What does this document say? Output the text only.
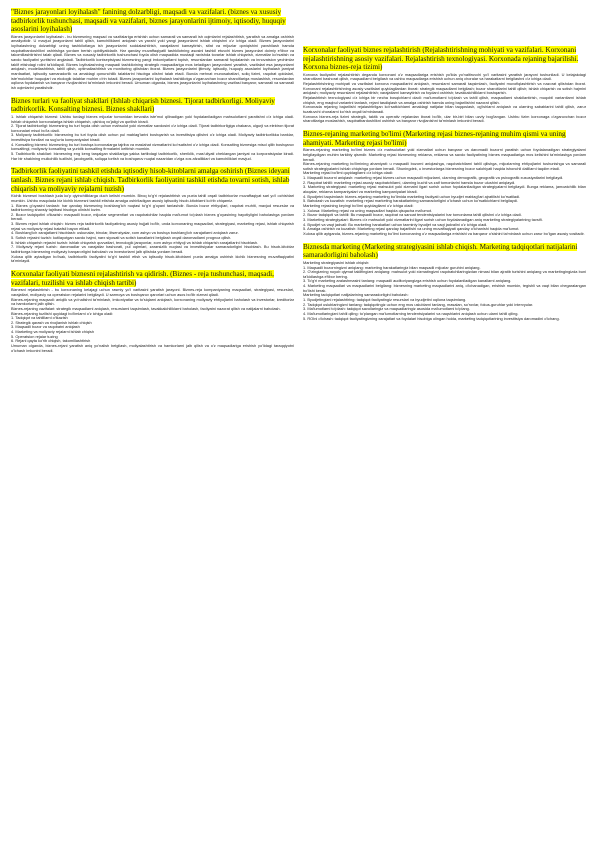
"Biznes jarayonlari loyihalash" fanining dolzarbligi, maqsadi va vazifalari. (biznes va xususiy tadbirkorlik tushunchasi, maqsadi va vazifalari, biznes jarayonlarini ijtimoiy, iqtisodiy, huquqiy asoslarini loyihalash)

Biznes jarayonlarini loyihalash - bu biznesning maqsad va vazifalariga erishish uchun samarali va samarali ish oqimlarini rejalashtirish, yaratish va amalga oshirish amaliyotidir. U mavjud jarayonlarni tahlil qilish, kamchiliklarni aniqlash va yaxshi yoki yangi jarayonlarni ishlab chiqishni o'z ichiga oladi. Biznes jarayonlarini loyihalashning dolzarbligi uning tashkilotlarga ish jarayonlarini soddalashtirish, xarajatlarni kamaytirish, sifat va mijozlar qoniqishini yaxshilash hamda raqobatbardoshlikni oshirishga yordam berish qobiliyatidadir. Har qanday muvaffaqiyatli tashkilotning asosini tashkil etuvchi biznes jarayonlari doimiy e'tibor va takomillashtirishni talab qiladi. Biznes va xususiy tadbirkorlik tushunchasi foyda olish maqsadida mustaqil ravishda tovarlar ishlab chiqarish, xizmatlar ko'rsatish va savdo faoliyatini yuritishni anglatadi. Tadbirkorlik kontseptsiyasi biznesning yangi imkoniyatlarni topish, resurslardan samarali foydalanish va innovatsion yechimlar taklif etishdagi rolini ta'kidlaydi. Biznes loyihalashning maqsadi tashkilotning strategik maqsadlariga mos keladigan jarayonlarni yaratish, vazifalari esa jarayonlarni aniqlash, modellashtirish, tahlil qilish, optimallashtirish va monitoring qilishdan iborat. Biznes jarayonlarini ijtimoiy, iqtisodiy, huquqiy asoslarini loyihalash jamiyat manfaatlari, iqtisodiy samaradorlik va amaldagi qonunchilik talablarini hisobga olishni talab etadi. Bunda mehnat munosabatlari, soliq tizimi, raqobat qoidalari, iste'molchilar huquqlari va ekologik talablar muhim o'rin tutadi. Biznes jarayonlarini loyihalash tashkilotga o'zgaruvchan bozor sharoitlariga moslashish, resurslardan oqilona foydalanish va barqaror rivojlanishni ta'minlash imkonini beradi. Umuman olganda, biznes jarayonlarini loyihalashning vazifasi barqaror, samarali va samarali ish oqimlarini yaratishdir.

Biznes turlari va faoliyat shakllari (Ishlab chiqarish biznesi. Tijorat tadbirkorligi. Moliyaviy tadbirkorlik. Konsalting biznesi. Biznes shakllari)

1. Ishlab chiqarish biznesi: Ushbu turdagi biznes mijozlar tomonidan bevosita iste'mol qilinadigan yoki foydalaniladigan mahsulotlarni yaratishni o'z ichiga oladi. Ishlab chiqarish korxonalariga ishlab chiqarish, qishloq xo'jaligi va qurilish kiradi.
2. Tijorat tadbirkorligi: biznesning bu turi foyda olish uchun mahsulot yoki xizmatlar savdosini o'z ichiga oladi. Tijorat tadbirkorligiga chakana, ulgurji va elektron tijorat korxonalari misol bo'la oladi.
3. Moliyaviy tadbirkorlik: biznesning bu turi foyda olish uchun pul mablag'larini boshqarish va investitsiya qilishni o'z ichiga oladi. Moliyaviy tadbirkorlikka banklar, investitsiya fondlari va sug'urta kompaniyalari kiradi.
4. Konsalting biznesi: biznesning bu turi boshqa korxonalarga tajriba va maslahat xizmatlarini ko'rsatishni o'z ichiga oladi. Konsalting biznesiga misol qilib boshqaruv konsaltingi, moliyaviy konsalting va yuridik konsalting firmalarini keltirish mumkin.
5. Tadbirkorlik shakllari: biznesning eng keng tarqalgan shakllariga yakka tartibdagi tadbirkorlik, sheriklik, mas'uliyati cheklangan jamiyat va korporatsiyalar kiradi. Har bir shaklning mulkchilik tuzilishi, javobgarlik, soliqqa tortish va boshqaruv nuqtai nazaridan o'ziga xos afzalliklari va kamchiliklari mavjud.

Tadbirkorlik faoliyatini tashkil etishda iqtisodiy hisob-kitoblarni amalga oshirish (Biznes ideyani tanlash. Biznes rejani ishlab chiqish. Tadbirkorlik faoliyatini tashkil etishda tovarni sotish, ishlab chiqarish va moliyaviy rejalarni tuzish)

Kichik biznesni boshlash juda ko'p qiyinchiliklarga duch kelishi mumkin. Biroq to'g'ri rejalashtirish va puxta tahlil orqali tadbirkorlar muvaffaqiyat sari yo'l ochishlari mumkin. Ushbu maqolada biz kichik biznesni tashkil etishda amalga oshiriladigan asosiy iqtisodiy hisob-kitoblarni ko'rib chiqamiz.
1. Biznes g'oyasini tanlash: har qanday biznesning boshlang'ich nuqtasi to'g'ri g'oyani tanlashdir. Bunda bozor ehtiyojlari, raqobat muhiti, mavjud resurslar va tadbirkorning shaxsiy tajribasi hisobga olinishi lozim.
2. Bozor tadqiqotini o'tkazish: maqsadli bozor, mijozlar segmentlari va raqobatchilar haqida ma'lumot to'plash biznes g'oyasining hayotiyligini baholashga yordam beradi.
3. Biznes rejani ishlab chiqish: biznes reja tadbirkorlik faoliyatining asosiy hujjati bo'lib, unda korxonaning maqsadlari, strategiyasi, marketing rejasi, ishlab chiqarish rejasi va moliyaviy rejasi batafsil bayon etiladi.
4. Boshlang'ich xarajatlarni hisoblash: uskunalar, binolar, litsenziyalar, xom ashyo va boshqa boshlang'ich xarajatlarni aniqlash zarur.
5. Sotish rejasini tuzish: kutilayotgan savdo hajmi, narx siyosati va sotish kanallarini belgilash orqali daromadlarni prognoz qilish.
6. Ishlab chiqarish rejasini tuzish: ishlab chiqarish quvvatlari, texnologik jarayonlar, xom ashyo ehtiyoji va ishlab chiqarish xarajatlarini hisoblash.
7. Moliyaviy rejani tuzish: daromadlar va xarajatlar bashorati, pul oqimlari, zararsizlik nuqtasi va investitsiyalar samaradorligini hisoblash. Bu hisob-kitoblar tadbirkorga biznesning moliyaviy barqarorligini baholash va investorlarni jalb qilishda yordam beradi.
Xulosa qilib aytadigan bo'lsak, tadbirkorlik faoliyatini to'g'ri tashkil etish va iqtisodiy hisob-kitoblarni puxta amalga oshirish kichik biznesning muvaffaqiyatini ta'minlaydi.

Korxonalar faoliyati biznesni rejalashtirish va qidirish. (Biznes - reja tushunchasi, maqsadi, vazifalari, tuzilishi va ishlab chiqish tartibi)

Biznesni rejalashtirish - bu korxonaning kelajagi uchun rasmiy yo'l xaritasini yaratish jarayoni. Biznes-reja kompaniyaning maqsadlari, strategiyasi, resurslari, xarajatlari, moliyaviy va operatsion rejalarini belgilaydi. U sarmoya va boshqaruv qarorlari uchun asos bo'lib xizmat qiladi.
Biznes-rejaning maqsadi: aniqlik va yo'nalishni ta'minlash, imkoniyatlar va to'siqlarni aniqlash, korxonaning moliyaviy ehtiyojlarini baholash va investorlar, kreditorlar va hamkorlarni jalb qilish.
Biznes-rejaning vazifalari: strategik maqsadlarni aniqlash, resurslarni taqsimlash, tavakkalchiliklarni baholash, faoliyatni nazorat qilish va natijalarni baholash.
Biznes-rejaning tuzilishi quyidagi bo'limlarni o'z ichiga oladi:
1. Tadqiqot va tahlillarni o'tkazish
2. Strategik qarash va rivojlanish ishlab chiqish
3. Maqsadli bozor va raqobatni aniqlash
4. Marketing va moliyaviy rejalarni ishlab chiqish
5. Operatsion rejalar tuzing
6. Rejani qayta ko'rib chiqish, takomillashtirish
Umuman olganda, biznes-rejani yaratish aniq yo'nalish belgilash, moliyalashtirish va hamkorlarni jalb qilish va o'z maqsadlariga erishish yo'lidagi taraqqiyotni o'lchash imkonini beradi.

Korxonalar faoliyati biznes rejalashtirish (Rejalashtirishning mohiyati va vazifalari. Korxonani rejalashtirishning asosiy vazifalari. Rejalashtirish texnologiyasi. Korxonada rejaning bajarilishi. Korxona biznes-reja tizimi)

Korxona faoliyatini rejalashtirish deganda korxonani o'z maqsadlariga erishish yo'lida yo'naltiruvchi yo'l xaritasini yaratish jarayoni tushuniladi. U kelajakdagi sharoitlarni bashorat qilish, maqsadlarni belgilash va ushbu maqsadlarga erishish uchun aniq choralar va harakatlarni belgilashni o'z ichiga oladi.
Rejalashtirishning mohiyati va vazifalari korxona maqsadlarini aniqlash, resurslarni samarali taqsimlash, faoliyatni muvofiqlashtirish va nazorat qilishdan iborat. Korxonani rejalashtirishning asosiy vazifalari quyidagilardan iborat: strategik maqsadlarni belgilash; bozor sharoitlarini tahlil qilish; ishlab chiqarish va sotish hajmini aniqlash; moliyaviy resurslarni rejalashtirish; xarajatlarni kamaytirish va foydani oshirish; tavakkalchiliklarni boshqarish.
Rejalashtirish texnologiyasi o'z ichiga bir necha bosqichlarni oladi: ma'lumotlarni to'plash va tahlil qilish, maqsadlarni shakllantirish, muqobil variantlarni ishlab chiqish, eng maqbul variantni tanlash, rejani tasdiqlash va amalga oshirish hamda uning bajarilishini nazorat qilish.
Korxonada rejaning bajarilishi rejalashtirilgan ko'rsatkichlarni amaldagi natijalar bilan taqqoslash, og'ishlarni aniqlash va ularning sabablarini tahlil qilish, zarur tuzatuvchi choralarni ko'rish orqali ta'minlanadi.
Korxona biznes-reja tizimi strategik, taktik va operativ rejalardan iborat bo'lib, ular bir-biri bilan uzviy bog'langan. Ushbu tizim korxonaga o'zgaruvchan bozor sharoitlariga moslashish, raqobatbardoshlikni oshirish va barqaror rivojlanishni ta'minlash imkonini beradi.

Biznes-rejaning marketing bo'limi (Marketing rejasi biznes-rejaning muhim qismi va uning ahamiyati. Marketing rejasi bo'limi)

Biznes-rejaning marketing bo'limi biznes o'z mahsulotlari yoki xizmatlari uchun barqaror va daromadli bozorni yaratish uchun foydalanadigan strategiyalarni belgilaydigan muhim tarkibiy qismdir. Marketing rejasi biznesning reklama, reklama va savdo faoliyatining biznes maqsadlariga mos kelishini ta'minlashga yordam beradi.
Biznes-rejaning marketing bo'limining ahamiyati: u maqsadli bozorni aniqlashga, raqobatchilarni tahlil qilishga, mijozlarning ehtiyojlarini tushunishga va samarali sotish strategiyalarini ishlab chiqishga yordam beradi. Shuningdek, u investorlarga biznesning bozor salohiyati haqida ishonchli dalillarni taqdim etadi.
Marketing rejasi bo'limi quyidagilarni o'z ichiga oladi:
1. Maqsadli bozorni aniqlash: marketing rejasi biznes uchun maqsadli mijozlarni, ularning demografik, geografik va psixografik xususiyatlarini belgilaydi.
2. Raqobat tahlili: marketing rejasi asosiy raqobatchilarni, ularning kuchli va zaif tomonlarini hamda bozor ulushini aniqlaydi.
3. Marketing strategiyasi: marketing rejasi mahsulot yoki xizmatni ilgari surish uchun foydalaniladigan strategiyalarni belgilaydi. Bunga reklama, jamoatchilik bilan aloqalar, reklama kampaniyalari va marketing kampaniyalari kiradi.
4. Byudjetni taqsimlash: biznes-rejaning marketing bo'limida marketing faoliyati uchun byudjet mablag'lari ajratilishi ko'rsatiladi.
5. Baholash va kuzatish: marketing rejasi marketing harakatlarining samaradorligini o'lchash uchun ko'rsatkichlarni belgilaydi.
Marketing rejasining keyingi bo'limi quyidagilarni o'z ichiga oladi:
1. Xulosa: Marketing rejasi va uning maqsadlari haqida qisqacha ma'lumot.
2. Bozor tadqiqoti va tahlili: Bu maqsadli bozor, raqobat va sanoat tendentsiyalarini har tomonlama tahlil qilishni o'z ichiga oladi.
3. Marketing strategiyalari: Biznes o'z mahsuloti yoki xizmatlarini ilgari surish uchun foydalanadigan aniq marketing strategiyalarining tavsifi.
4. Byudjet va vaqt jadvali: Bu marketing harakatlari uchun taxminiy byudjet va vaqt jadvalini o'z ichiga oladi.
5. Amalga oshirish va kuzatish: Marketing rejasi qanday bajarilishi va uning muvaffaqiyati qanday o'lchanishi haqida ma'lumot.
Xulosa qilib aytganda, biznes-rejaning marketing bo'limi korxonaning o'z maqsadlariga erishishi va barqaror o'sishini ta'minlash uchun zarur bo'lgan asosiy vositadir.

Biznesda marketing (Marketing strategiyasini ishlab chiqish. Marketing tadqiqotlari natijalarini samaradorligini baholash)

Marketing strategiyasini ishlab chiqish:
1. Maqsadli bozorningizni aniqlang: marketing harakatlaringiz bilan maqsadli mijozlar guruhini aniqlang.
2. O'zingizning noyob qiymat taklifingizni aniqlang: mahsulot yoki xizmatingizni raqobatchilaringizdan nimasi bilan ajratib turishini aniqlang va marketingingizda buni ta'kidlashga e'tibor bering.
3. To'g'ri marketing aralashmasini tanlang: maqsadli auditoriyangizga erishish uchun foydalaniladigan kanallarni aniqlang.
4. Marketing maqsadlari va maqsadlarini belgilang: biznesning marketing maqsadlarini aniq, o'lchanadigan, erishish mumkin, tegishli va vaqt bilan chegaralangan bo'lishi kerak.
Marketing tadqiqotlari natijalarining samaradorligini baholash:
1. Byudjetingizni rejalashtiring: tadqiqot faoliyatingiz resurslari va byudjetini oqilona taqsimlang.
2. Tadqiqot uslublaringizni tanlang: tadqiqotingiz uchun eng mos uslublarni tanlang, masalan, so'rovlar, fokus-guruhlar yoki intervyular.
3. Ma'lumotlarni to'plash: tadqiqot savollaringiz va maqsadlaringiz asosida ma'lumotlarni to'plang.
4. Ma'lumotlaringizni tahlil qiling: to'plangan ma'lumotlarning tendentsiyalarini va naqshlarini aniqlash uchun ularni tahlil qiling.
5. ROIni o'lchash: tadqiqot faoliyatingizning xarajatlari va foydalari hisobiga olingan holda, marketing tadqiqotlarining investitsiya daromadini o'lchang.
